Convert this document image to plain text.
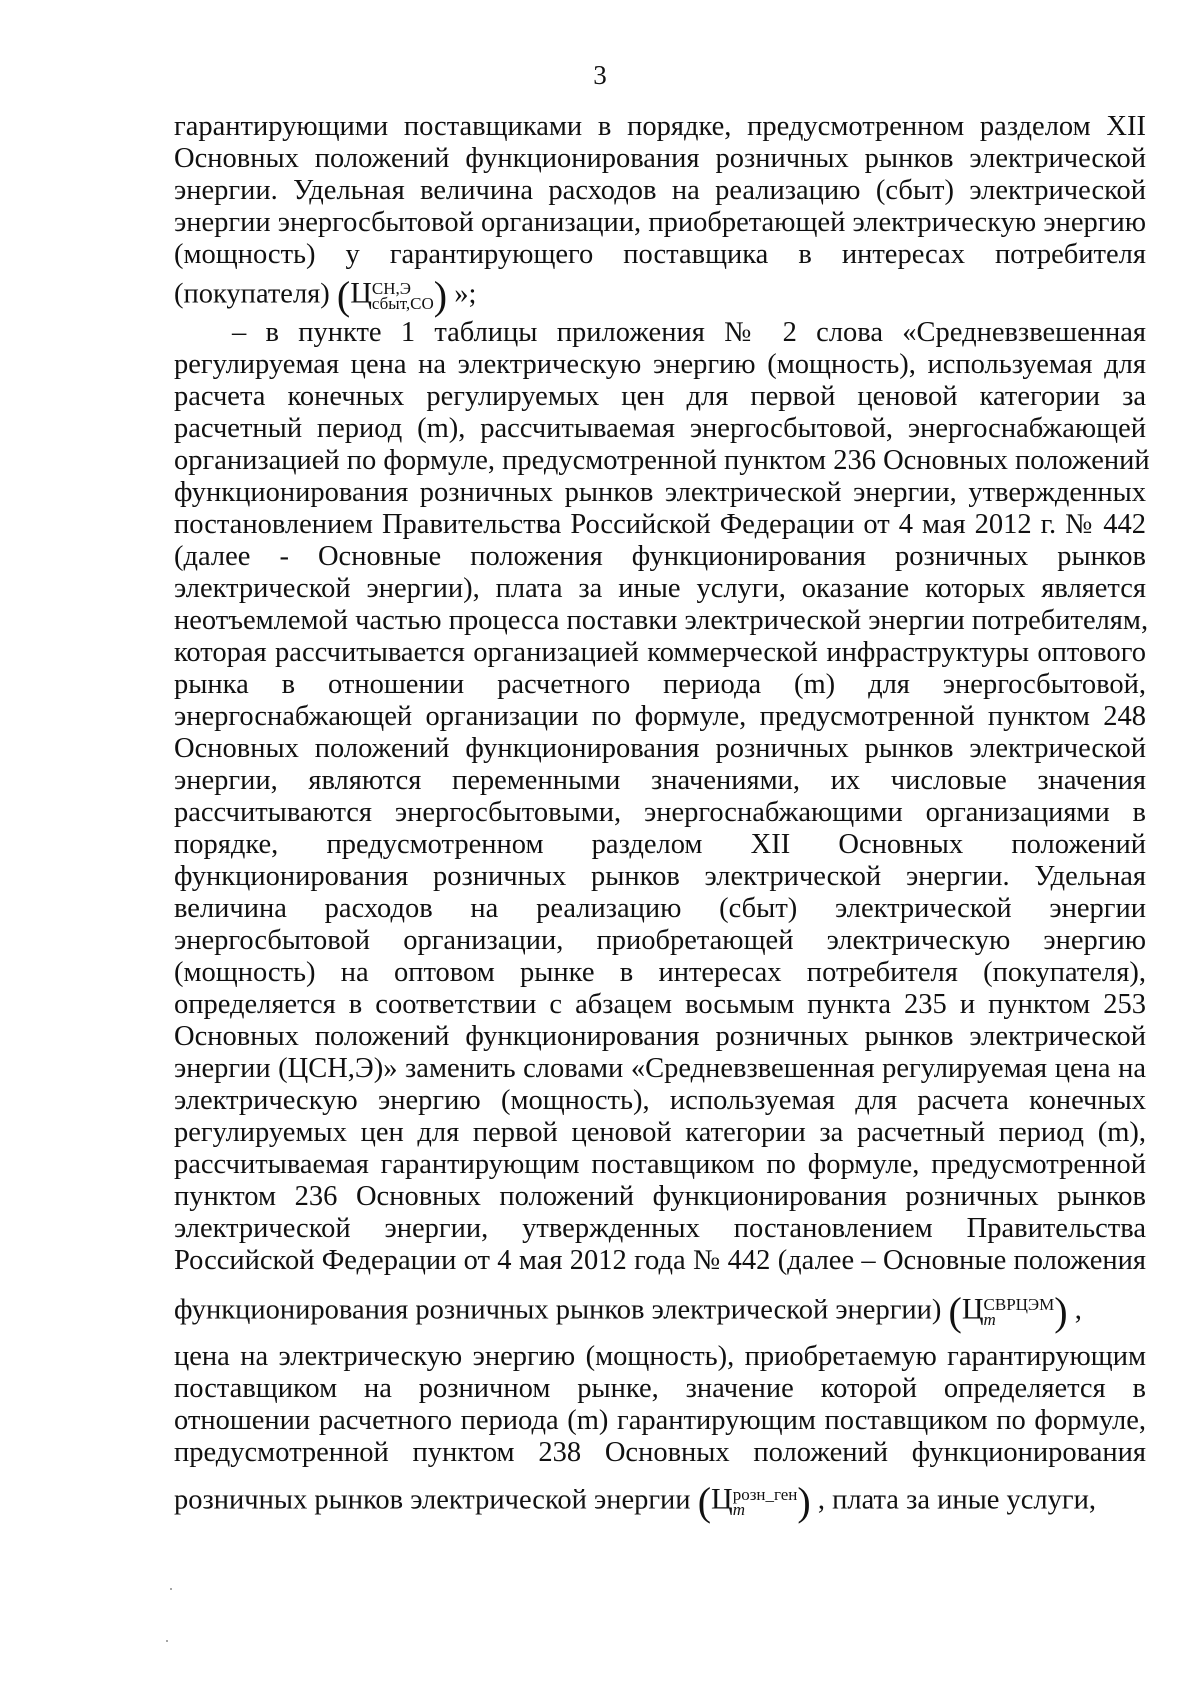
3
гарантирующими поставщиками в порядке, предусмотренном разделом XII
Основных положений функционирования розничных рынков электрической
энергии. Удельная величина расходов на реализацию (сбыт) электрической
энергии энергосбытовой организации, приобретающей электрическую энергию
(мощность) у гарантирующего поставщика в интересах потребителя
(покупателя) (Ц СН,Э
сбыт,СО ) »;
– в пункте 1 таблицы приложения № 2 слова «Средневзвешенная
регулируемая цена на электрическую энергию (мощность), используемая для
расчета конечных регулируемых цен для первой ценовой категории за
расчетный период (m), рассчитываемая энергосбытовой, энергоснабжающей
организацией по формуле, предусмотренной пунктом 236 Основных положений
функционирования розничных рынков электрической энергии, утвержденных
постановлением Правительства Российской Федерации от 4 мая 2012 г. № 442
(далее - Основные положения функционирования розничных рынков
электрической энергии), плата за иные услуги, оказание которых является
неотъемлемой частью процесса поставки электрической энергии потребителям,
которая рассчитывается организацией коммерческой инфраструктуры оптового
рынка в отношении расчетного периода (m) для энергосбытовой,
энергоснабжающей организации по формуле, предусмотренной пунктом 248
Основных положений функционирования розничных рынков электрической
энергии, являются переменными значениями, их числовые значения
рассчитываются энергосбытовыми, энергоснабжающими организациями в
порядке, предусмотренном разделом XII Основных положений
функционирования розничных рынков электрической энергии. Удельная
величина расходов на реализацию (сбыт) электрической энергии
энергосбытовой организации, приобретающей электрическую энергию
(мощность) на оптовом рынке в интересах потребителя (покупателя),
определяется в соответствии с абзацем восьмым пункта 235 и пунктом 253
Основных положений функционирования розничных рынков электрической
энергии (ЦСН,Э)» заменить словами «Средневзвешенная регулируемая цена на
электрическую энергию (мощность), используемая для расчета конечных
регулируемых цен для первой ценовой категории за расчетный период (m),
рассчитываемая гарантирующим поставщиком по формуле, предусмотренной
пунктом 236 Основных положений функционирования розничных рынков
электрической энергии, утвержденных постановлением Правительства
Российской Федерации от 4 мая 2012 года № 442 (далее – Основные положения
функционирования розничных рынков электрической энергии) (Ц СВРЦЭМ
m	) ,
цена на электрическую энергию (мощность), приобретаемую гарантирующим
поставщиком на розничном рынке, значение которой определяется в
отношении расчетного периода (m) гарантирующим поставщиком по формуле,
предусмотренной пунктом 238 Основных положений функционирования
розничных рынков электрической энергии (Ц розн_ген
m	) , плата за иные услуги,
